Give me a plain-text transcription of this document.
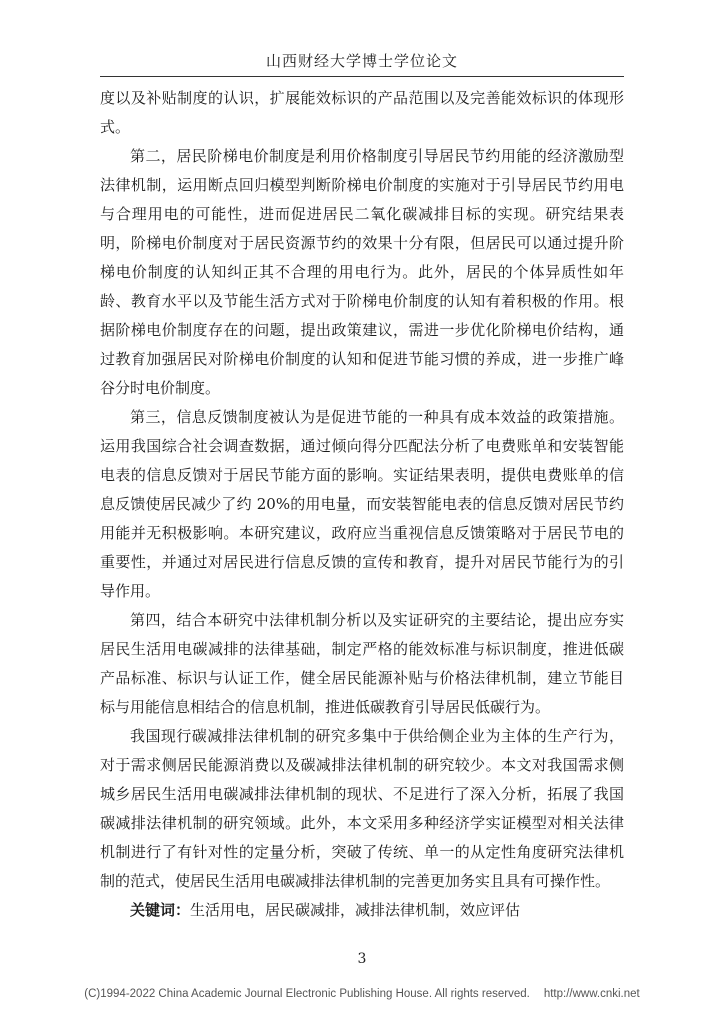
山西财经大学博士学位论文

度以及补贴制度的认识，扩展能效标识的产品范围以及完善能效标识的体现形式。

第二，居民阶梯电价制度是利用价格制度引导居民节约用能的经济激励型法律机制，运用断点回归模型判断阶梯电价制度的实施对于引导居民节约用电与合理用电的可能性，进而促进居民二氧化碳减排目标的实现。研究结果表明，阶梯电价制度对于居民资源节约的效果十分有限，但居民可以通过提升阶梯电价制度的认知纠正其不合理的用电行为。此外，居民的个体异质性如年龄、教育水平以及节能生活方式对于阶梯电价制度的认知有着积极的作用。根据阶梯电价制度存在的问题，提出政策建议，需进一步优化阶梯电价结构，通过教育加强居民对阶梯电价制度的认知和促进节能习惯的养成，进一步推广峰谷分时电价制度。

第三，信息反馈制度被认为是促进节能的一种具有成本效益的政策措施。运用我国综合社会调查数据，通过倾向得分匹配法分析了电费账单和安装智能电表的信息反馈对于居民节能方面的影响。实证结果表明，提供电费账单的信息反馈使居民减少了约 20%的用电量，而安装智能电表的信息反馈对居民节约用能并无积极影响。本研究建议，政府应当重视信息反馈策略对于居民节电的重要性，并通过对居民进行信息反馈的宣传和教育，提升对居民节能行为的引导作用。

第四，结合本研究中法律机制分析以及实证研究的主要结论，提出应夯实居民生活用电碳减排的法律基础，制定严格的能效标准与标识制度，推进低碳产品标准、标识与认证工作，健全居民能源补贴与价格法律机制，建立节能目标与用能信息相结合的信息机制，推进低碳教育引导居民低碳行为。

我国现行碳减排法律机制的研究多集中于供给侧企业为主体的生产行为，对于需求侧居民能源消费以及碳减排法律机制的研究较少。本文对我国需求侧城乡居民生活用电碳减排法律机制的现状、不足进行了深入分析，拓展了我国碳减排法律机制的研究领域。此外，本文采用多种经济学实证模型对相关法律机制进行了有针对性的定量分析，突破了传统、单一的从定性角度研究法律机制的范式，使居民生活用电碳减排法律机制的完善更加务实且具有可操作性。

关键词：生活用电，居民碳减排，减排法律机制，效应评估

3
(C)1994-2022 China Academic Journal Electronic Publishing House. All rights reserved. http://www.cnki.net
